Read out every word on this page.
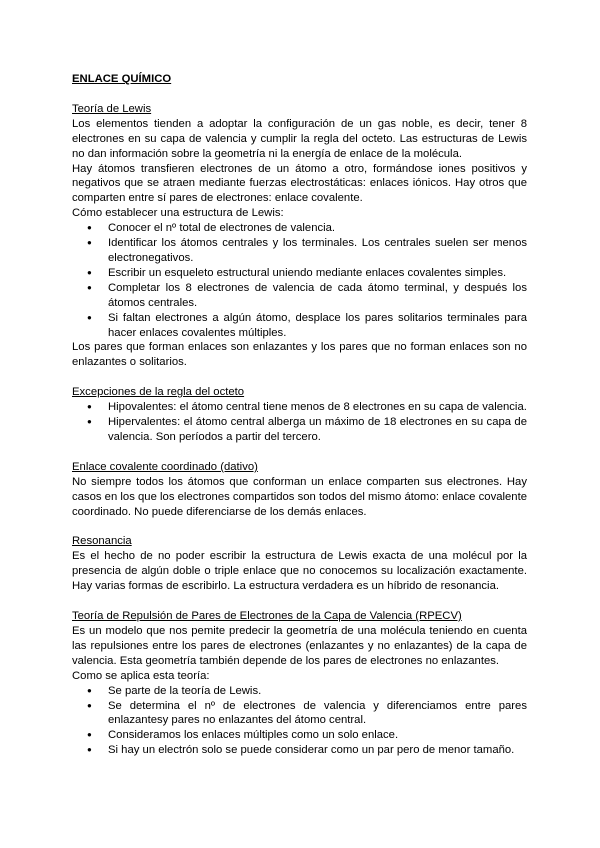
ENLACE QUÍMICO
Teoría de Lewis

Los elementos tienden a adoptar la configuración de un gas noble, es decir, tener 8 electrones en su capa de valencia y cumplir la regla del octeto. Las estructuras de Lewis no dan información sobre la geometría ni la energía de enlace de la molécula.

Hay átomos transfieren electrones de un átomo a otro, formándose iones positivos y negativos que se atraen mediante fuerzas electrostáticas: enlaces iónicos. Hay otros que comparten entre sí pares de electrones: enlace covalente.

Cómo establecer una estructura de Lewis:

● Conocer el nº total de electrones de valencia.
● Identificar los átomos centrales y los terminales. Los centrales suelen ser menos electronegativos.
● Escribir un esqueleto estructural uniendo mediante enlaces covalentes simples.
● Completar los 8 electrones de valencia de cada átomo terminal, y después los átomos centrales.
● Si faltan electrones a algún átomo, desplace los pares solitarios terminales para hacer enlaces covalentes múltiples.

Los pares que forman enlaces son enlazantes y los pares que no forman enlaces son no enlazantes o solitarios.

Excepciones de la regla del octeto
● Hipovalentes: el átomo central tiene menos de 8 electrones en su capa de valencia.
● Hipervalentes: el átomo central alberga un máximo de 18 electrones en su capa de valencia. Son períodos a partir del tercero.
Enlace covalente coordinado (dativo)

No siempre todos los átomos que conforman un enlace comparten sus electrones. Hay casos en los que los electrones compartidos son todos del mismo átomo: enlace covalente coordinado. No puede diferenciarse de los demás enlaces.

Resonancia

Es el hecho de no poder escribir la estructura de Lewis exacta de una molécul por la presencia de algún doble o triple enlace que no conocemos su localización exactamente. Hay varias formas de escribirlo. La estructura verdadera es un híbrido de resonancia.

Teoría de Repulsión de Pares de Electrones de la Capa de Valencia (RPECV)

Es un modelo que nos pemite predecir la geometría de una molécula teniendo en cuenta las repulsiones entre los pares de electrones (enlazantes y no enlazantes) de la capa de valencia. Esta geometría también depende de los pares de electrones no enlazantes.

Como se aplica esta teoría:

● Se parte de la teoría de Lewis.
● Se determina el nº de electrones de valencia y diferenciamos entre pares enlazantesy pares no enlazantes del átomo central.
● Consideramos los enlaces múltiples como un solo enlace.
● Si hay un electrón solo se puede considerar como un par pero de menor tamaño.
